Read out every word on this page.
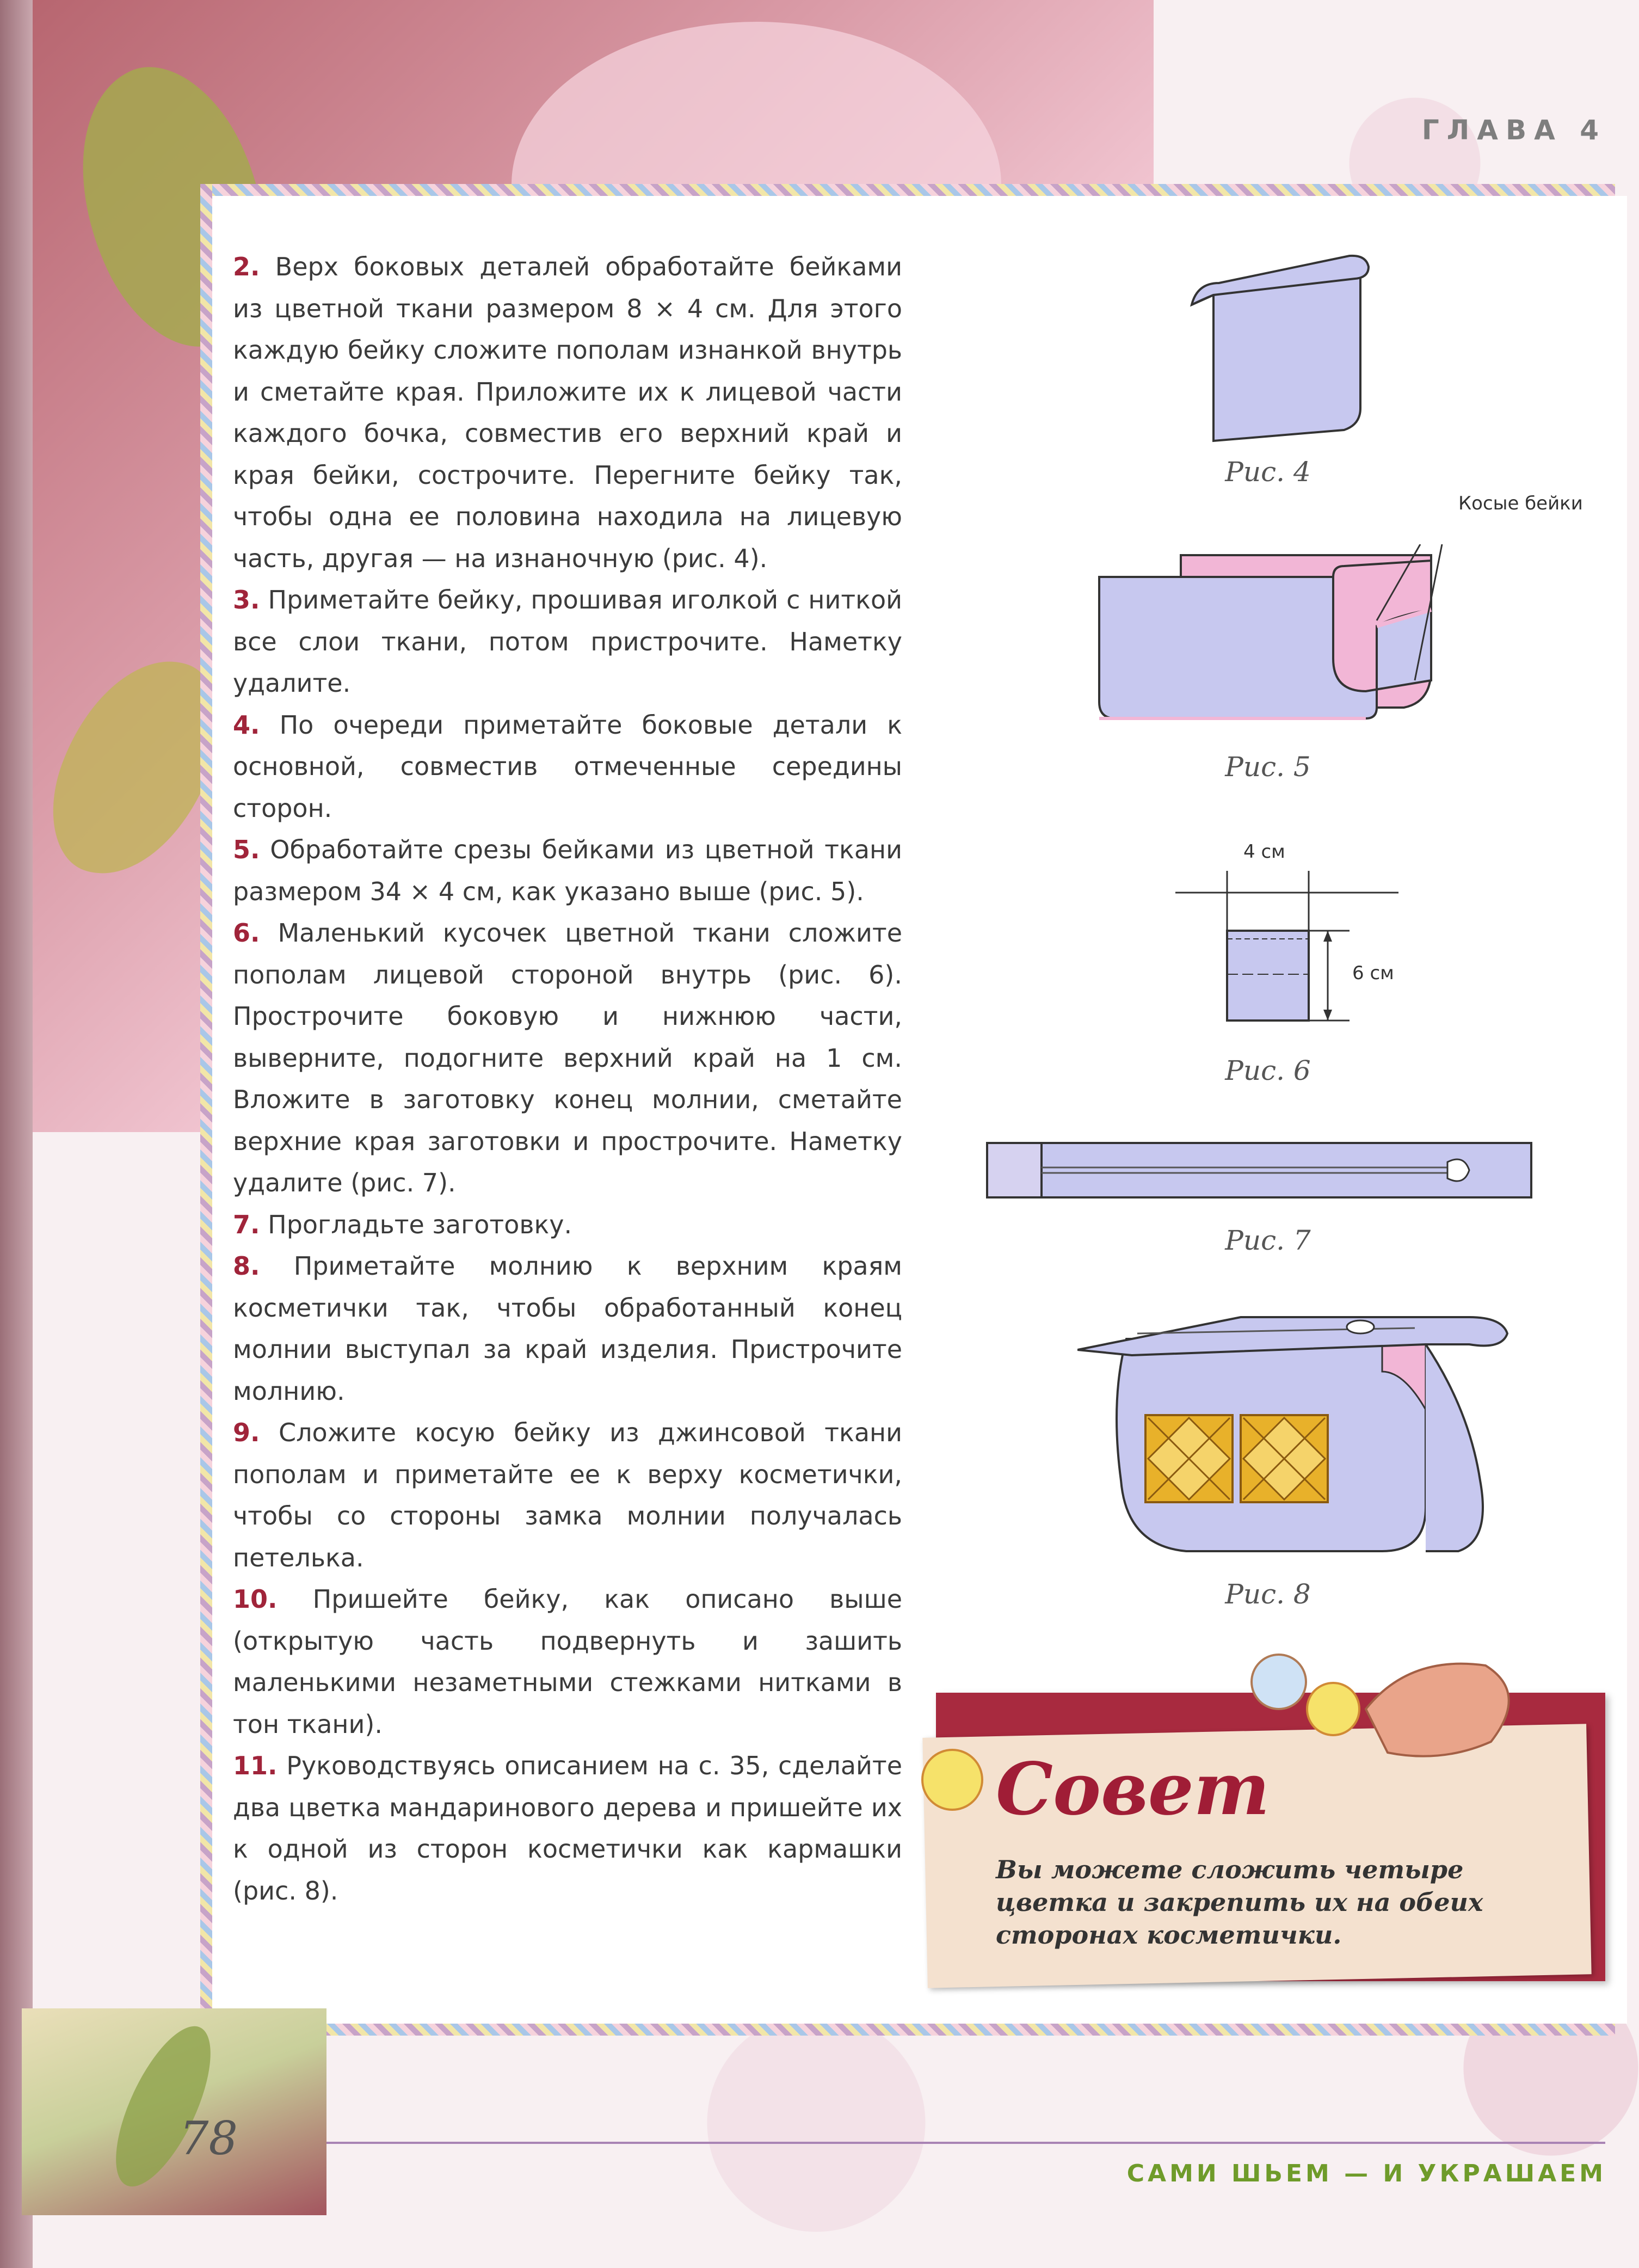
ГЛАВА 4

2. Верх боковых деталей обработайте бейками из цветной ткани размером 8 × 4 см. Для этого каждую бейку сложите пополам изнанкой внутрь и сметайте края. Приложите их к лицевой части каждого бочка, совместив его верхний край и края бейки, сострочите. Перегните бейку так, чтобы одна ее половина находила на лицевую часть, другая — на изнаночную (рис. 4).

3. Приметайте бейку, прошивая иголкой с ниткой все слои ткани, потом пристрочите. Наметку удалите.

4. По очереди приметайте боковые детали к основной, совместив отмеченные середины сторон.

5. Обработайте срезы бейками из цветной ткани размером 34 × 4 см, как указано выше (рис. 5).

6. Маленький кусочек цветной ткани сложите пополам лицевой стороной внутрь (рис. 6). Прострочите боковую и нижнюю части, выверните, подогните верхний край на 1 см. Вложите в заготовку конец молнии, сметайте верхние края заготовки и прострочите. Наметку удалите (рис. 7).

7. Прогладьте заготовку.

8. Приметайте молнию к верхним краям косметички так, чтобы обработанный конец молнии выступал за край изделия. Пристрочите молнию.

9. Сложите косую бейку из джинсовой ткани пополам и приметайте ее к верху косметички, чтобы со стороны замка молнии получалась петелька.

10. Пришейте бейку, как описано выше (открытую часть подвернуть и зашить маленькими незаметными стежками нитками в тон ткани).

11. Руководствуясь описанием на с. 35, сделайте два цветка мандаринового дерева и пришейте их к одной из сторон косметички как кармашки (рис. 8).

Рис. 4
Косые бейки
Рис. 5
4 см
6 см
Рис. 6
Рис. 7
Рис. 8
Совет
Вы можете сложить четыре цветка и закрепить их на обеих сторонах косметички.
78
САМИ ШЬЕМ — И УКРАШАЕМ
